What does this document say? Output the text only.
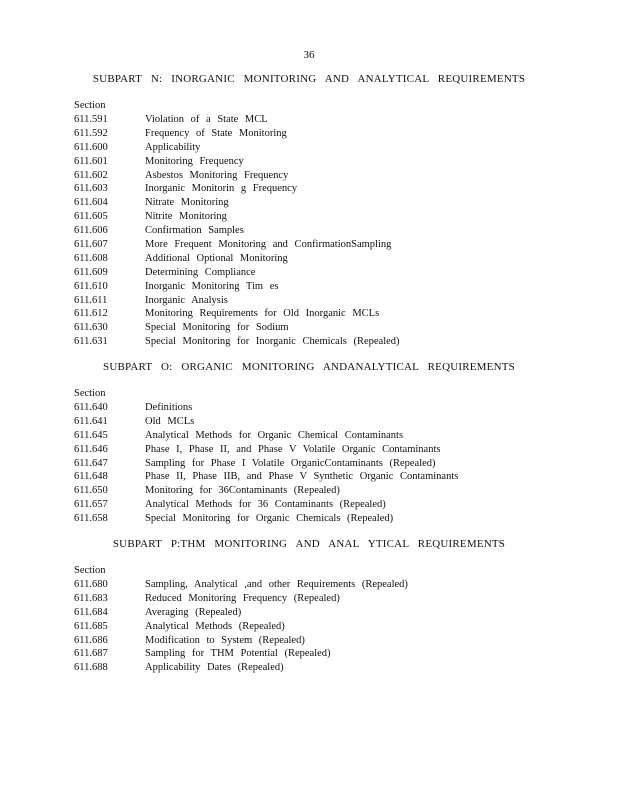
36
SUBPART N: INORGANIC MONITORING AND ANALYTICAL REQUIREMENTS
Section
611.591	Violation of a State MCL
611.592	Frequency of State Monitoring
611.600	Applicability
611.601	Monitoring Frequency
611.602	Asbestos Monitoring Frequency
611.603	Inorganic Monitorin g Frequency
611.604	Nitrate Monitoring
611.605	Nitrite Monitoring
611.606	Confirmation Samples
611.607	More Frequent Monitoring and ConfirmationSampling
611.608	Additional Optional Monitoring
611.609	Determining Compliance
611.610	Inorganic Monitoring Tim es
611.611	Inorganic Analysis
611.612	Monitoring Requirements for Old Inorganic MCLs
611.630	Special Monitoring for Sodium
611.631	Special Monitoring for Inorganic Chemicals (Repealed)
SUBPART O: ORGANIC MONITORING ANDANALYTICAL REQUIREMENTS
Section
611.640	Definitions
611.641	Old MCLs
611.645	Analytical Methods for Organic Chemical Contaminants
611.646	Phase I, Phase II, and Phase V Volatile Organic Contaminants
611.647	Sampling for Phase I Volatile OrganicContaminants (Repealed)
611.648	Phase II, Phase IIB, and Phase V Synthetic Organic Contaminants
611.650	Monitoring for 36Contaminants (Repealed)
611.657	Analytical Methods for 36 Contaminants (Repealed)
611.658	Special Monitoring for Organic Chemicals (Repealed)
SUBPART P:THM MONITORING AND ANAL YTICAL REQUIREMENTS
Section
611.680	Sampling, Analytical ,and other Requirements (Repealed)
611.683	Reduced Monitoring Frequency (Repealed)
611.684	Averaging (Repealed)
611.685	Analytical Methods (Repealed)
611.686	Modification to System (Repealed)
611.687	Sampling for THM Potential (Repealed)
611.688	Applicability Dates (Repealed)
